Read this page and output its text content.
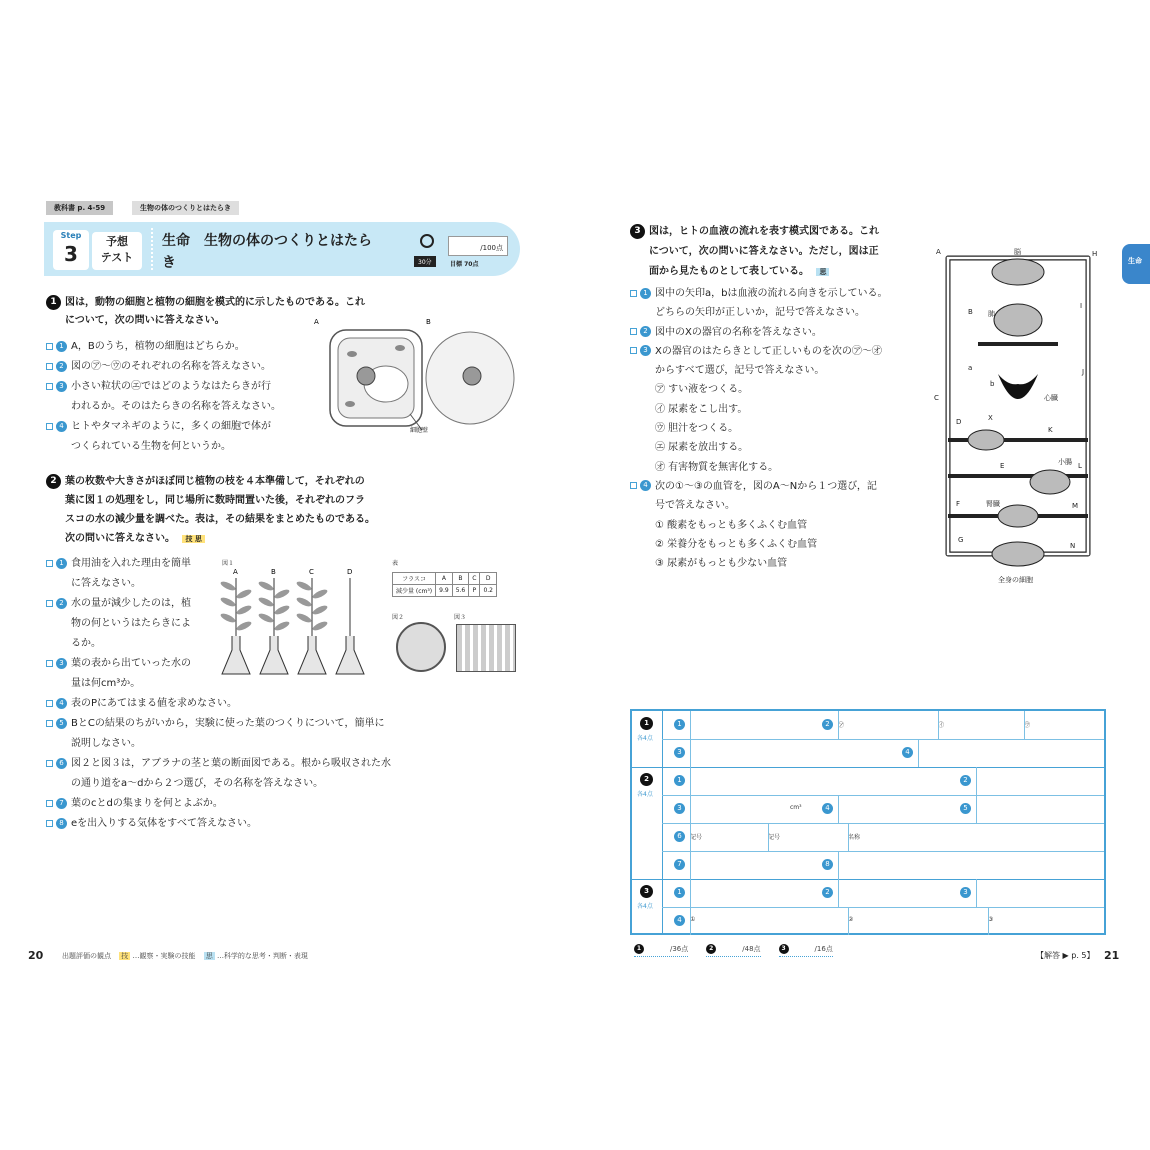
教科書 p. 4-59	生物の体のつくりとはたらき
Step
3
予想
テスト
生命　生物の体のつくりとはたら
き	30分
/100点
目標 70点
1 図は，動物の細胞と植物の細胞を模式的に示したものである。これ
について，次の問いに答えなさい。
1 A，Bのうち，植物の細胞はどちらか。
2 図の㋐～㋒のそれぞれの名称を答えなさい。
3 小さい粒状の㋓ではどのようなはたらきが行
われるか。そのはたらきの名称を答えなさい。
4 ヒトやタマネギのように，多くの細胞で体が
つくられている生物を何というか。
A	B
細胞壁
2 葉の枚数や大きさがほぼ同じ植物の枝を４本準備して，それぞれの
葉に図１の処理をし，同じ場所に数時間置いた後，それぞれのフラ
スコの水の減少量を調べた。表は，その結果をまとめたものである。
次の問いに答えなさい。 技 思
1 食用油を入れた理由を簡単
に答えなさい。
2 水の量が減少したのは，植
物の何というはたらきによ
るか。
3 葉の表から出ていった水の
量は何cm³か。
4 表のPにあてはまる値を求めなさい。
5 BとCの結果のちがいから，実験に使った葉のつくりについて，簡単に
説明しなさい。
6 図２と図３は，アブラナの茎と葉の断面図である。根から吸収された水
の通り道をa～dから２つ選び，その名称を答えなさい。
7 葉のcとdの集まりを何とよぶか。
8 eを出入りする気体をすべて答えなさい。
図１
A	B	C	D
表
フラスコ	A	B	C	D
減少量 (cm³)	9.9	5.6	P	0.2
図２	図３
20	出題評価の観点 技 …観察・実験の技能 思 …科学的な思考・判断・表現
生命
3 図は，ヒトの血液の流れを表す模式図である。これ
について，次の問いに答えなさい。ただし，図は正
面から見たものとして表している。 思
1 図中の矢印a，bは血液の流れる向きを示している。
どちらの矢印が正しいか，記号で答えなさい。
2 図中のXの器官の名称を答えなさい。
3 Xの器官のはたらきとして正しいものを次の㋐～㋔
からすべて選び，記号で答えなさい。
㋐ すい液をつくる。
㋑ 尿素をこし出す。
㋒ 胆汁をつくる。
㋓ 尿素を放出する。
㋔ 有害物質を無害化する。
4 次の①～③の血管を，図のA～Nから１つ選び，記
号で答えなさい。
① 酸素をもっとも多くふくむ血管
② 栄養分をもっとも多くふくむ血管
③ 尿素がもっとも少ない血管
脳
肺
心臓
小腸
腎臓
全身の細胞
a
b
A
B
C
D
E
F
G
H
I
J
K
L
M
N
X
1
各4点
2
各4点
3
各4点
1	2	㋐	㋑	㋒
3	4
1	2
3	cm³	4	5
6	記号	記号	名称
7	8
1	2	3
4	①	②	③
1	/36点	2	/48点	3	/16点
【解答 ▶ p. 5】 21
